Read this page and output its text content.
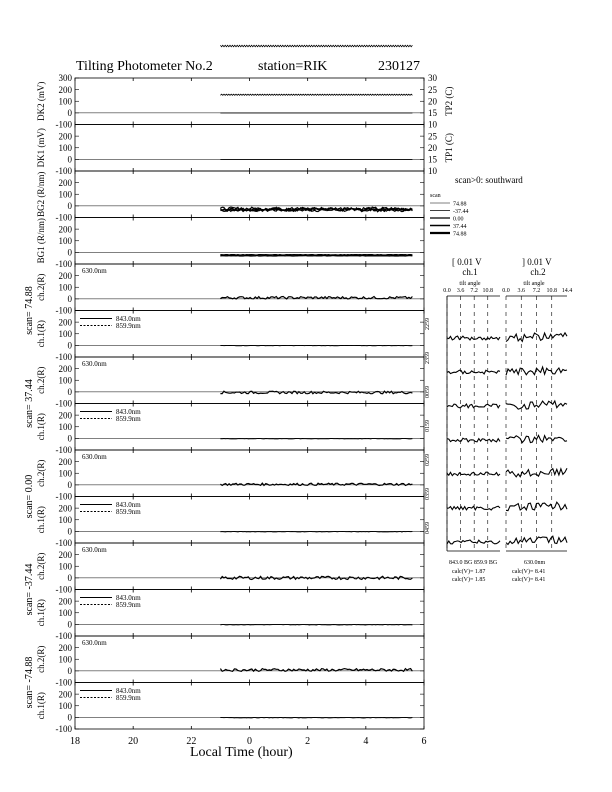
Tilting Photometer No.2	station=RIK	230127
Local Time (hour)
300
200
100
0
-100
DK2 (mV)
30
25
20
15
10
TP2 (C)
200
100
0
-100
DK1 (mV)	25
20
15
10
TP1 (C)
200
100
0
-100
BG2 (R/nm)
200
100
0
-100
BG1 (R/nm)
200
100
0
-100
ch.2(R)
scan= 74.88
630.0nm
200
100
0
-100
ch.1(R)
843.0nm
859.9nm
200
100
0
-100
ch.2(R)
scan= 37.44
630.0nm
200
100
0
-100
ch.1(R)
843.0nm
859.9nm
200
100
0
-100
ch.2(R)
scan= 0.00
630.0nm
200
100
0
-100
ch.1(R)
843.0nm
859.9nm
200
100
0
-100
ch.2(R)
scan= -37.44
630.0nm
200
100
0
-100
ch.1(R)
843.0nm
859.9nm
200
100
0
-100
ch.2(R)
scan= -74.88
630.0nm
200
100
0
-100
ch.1(R)
843.0nm
859.9nm
18	20	22	0	2	4	6
scan>0: southward
scan
74.88
-37.44
0.00
37.44
74.88
[ 0.01 V
ch.1
] 0.01 V
ch.2
tilt angle	tilt angle
0.0 3.6 7.2 10.8 0.0 3.6 7.2 10.8 14.4
2259
2359
0059
0159
0259
0359
0459
843.0 BG 859.9 BG	630.0nm
calc(V)= 1.87
calc(V)= 1.85
calc(V)= 8.41
calc(V)= 8.41
